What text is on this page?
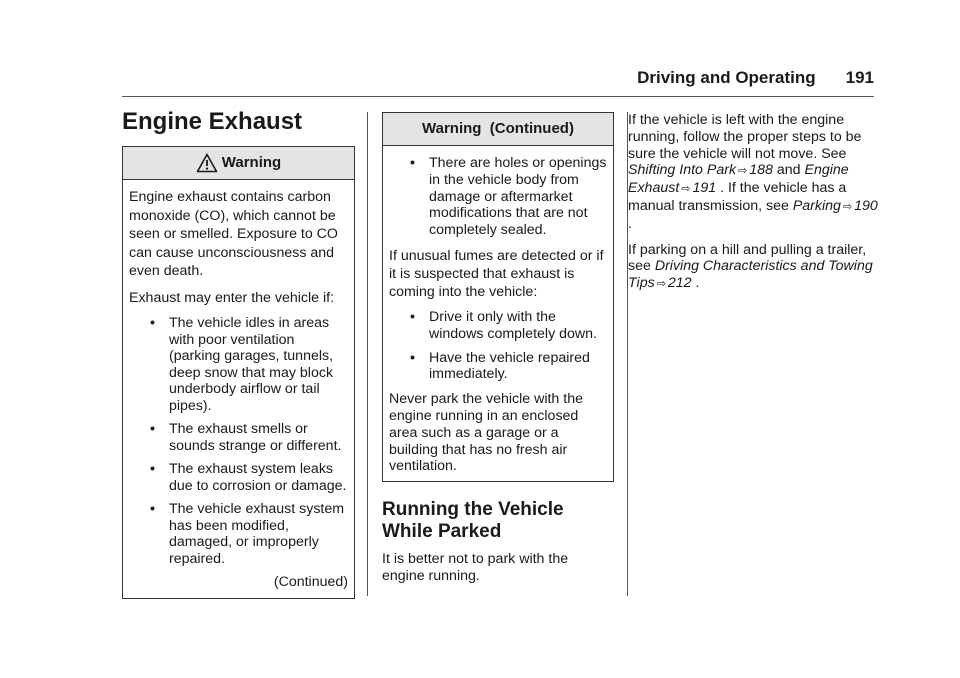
Driving and Operating 191
Engine Exhaust
Warning

Engine exhaust contains carbon monoxide (CO), which cannot be seen or smelled. Exposure to CO can cause unconsciousness and even death.

Exhaust may enter the vehicle if:

• The vehicle idles in areas with poor ventilation (parking garages, tunnels, deep snow that may block underbody airflow or tail pipes).
• The exhaust smells or sounds strange or different.
• The exhaust system leaks due to corrosion or damage.
• The vehicle exhaust system has been modified, damaged, or improperly repaired.
(Continued)
Warning  (Continued)
• There are holes or openings in the vehicle body from damage or aftermarket modifications that are not completely sealed.

If unusual fumes are detected or if it is suspected that exhaust is coming into the vehicle:

• Drive it only with the windows completely down.
• Have the vehicle repaired immediately.

Never park the vehicle with the engine running in an enclosed area such as a garage or a building that has no fresh air ventilation.

Running the Vehicle
While Parked

It is better not to park with the engine running.

If the vehicle is left with the engine running, follow the proper steps to be sure the vehicle will not move. See Shifting Into Park ⇨ 188 and Engine Exhaust ⇨ 191 . If the vehicle has a manual transmission, see Parking ⇨ 190 .

If parking on a hill and pulling a trailer, see Driving Characteristics and Towing Tips ⇨ 212 .
